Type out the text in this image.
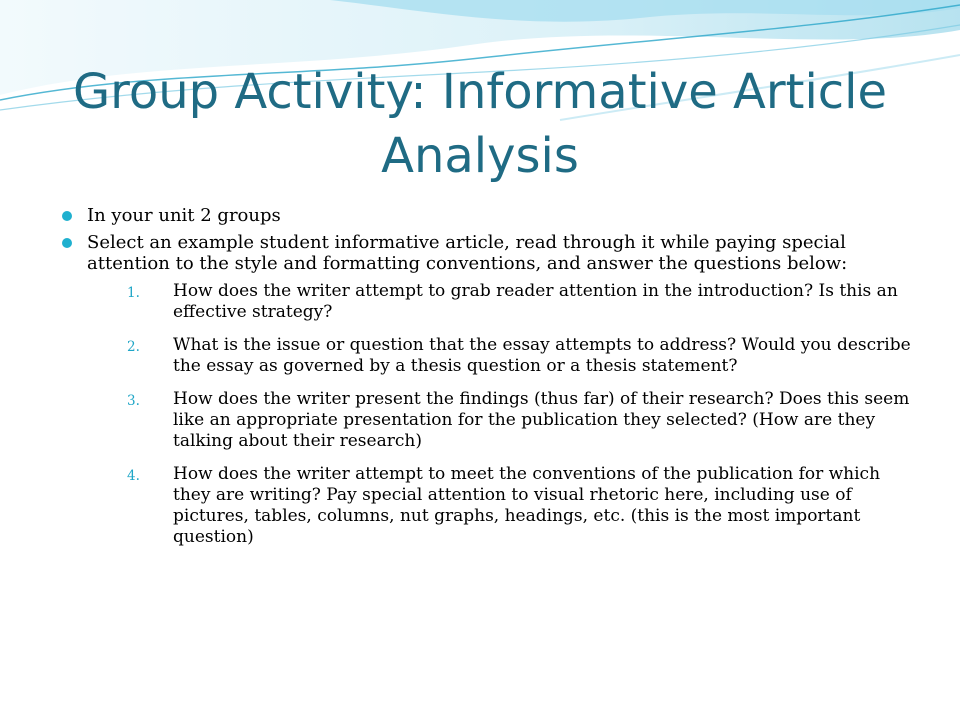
Group Activity: Informative Article Analysis
In your unit 2 groups
Select an example student informative article, read through it while paying special attention to the style and formatting conventions, and answer the questions below:
1. How does the writer attempt to grab reader attention in the introduction? Is this an effective strategy?
2. What is the issue or question that the essay attempts to address? Would you describe the essay as governed by a thesis question or a thesis statement?
3. How does the writer present the findings (thus far) of their research? Does this seem like an appropriate presentation for the publication they selected? (How are they talking about their research)
4. How does the writer attempt to meet the conventions of the publication for which they are writing? Pay special attention to visual rhetoric here, including use of pictures, tables, columns, nut graphs, headings, etc. (this is the most important question)
